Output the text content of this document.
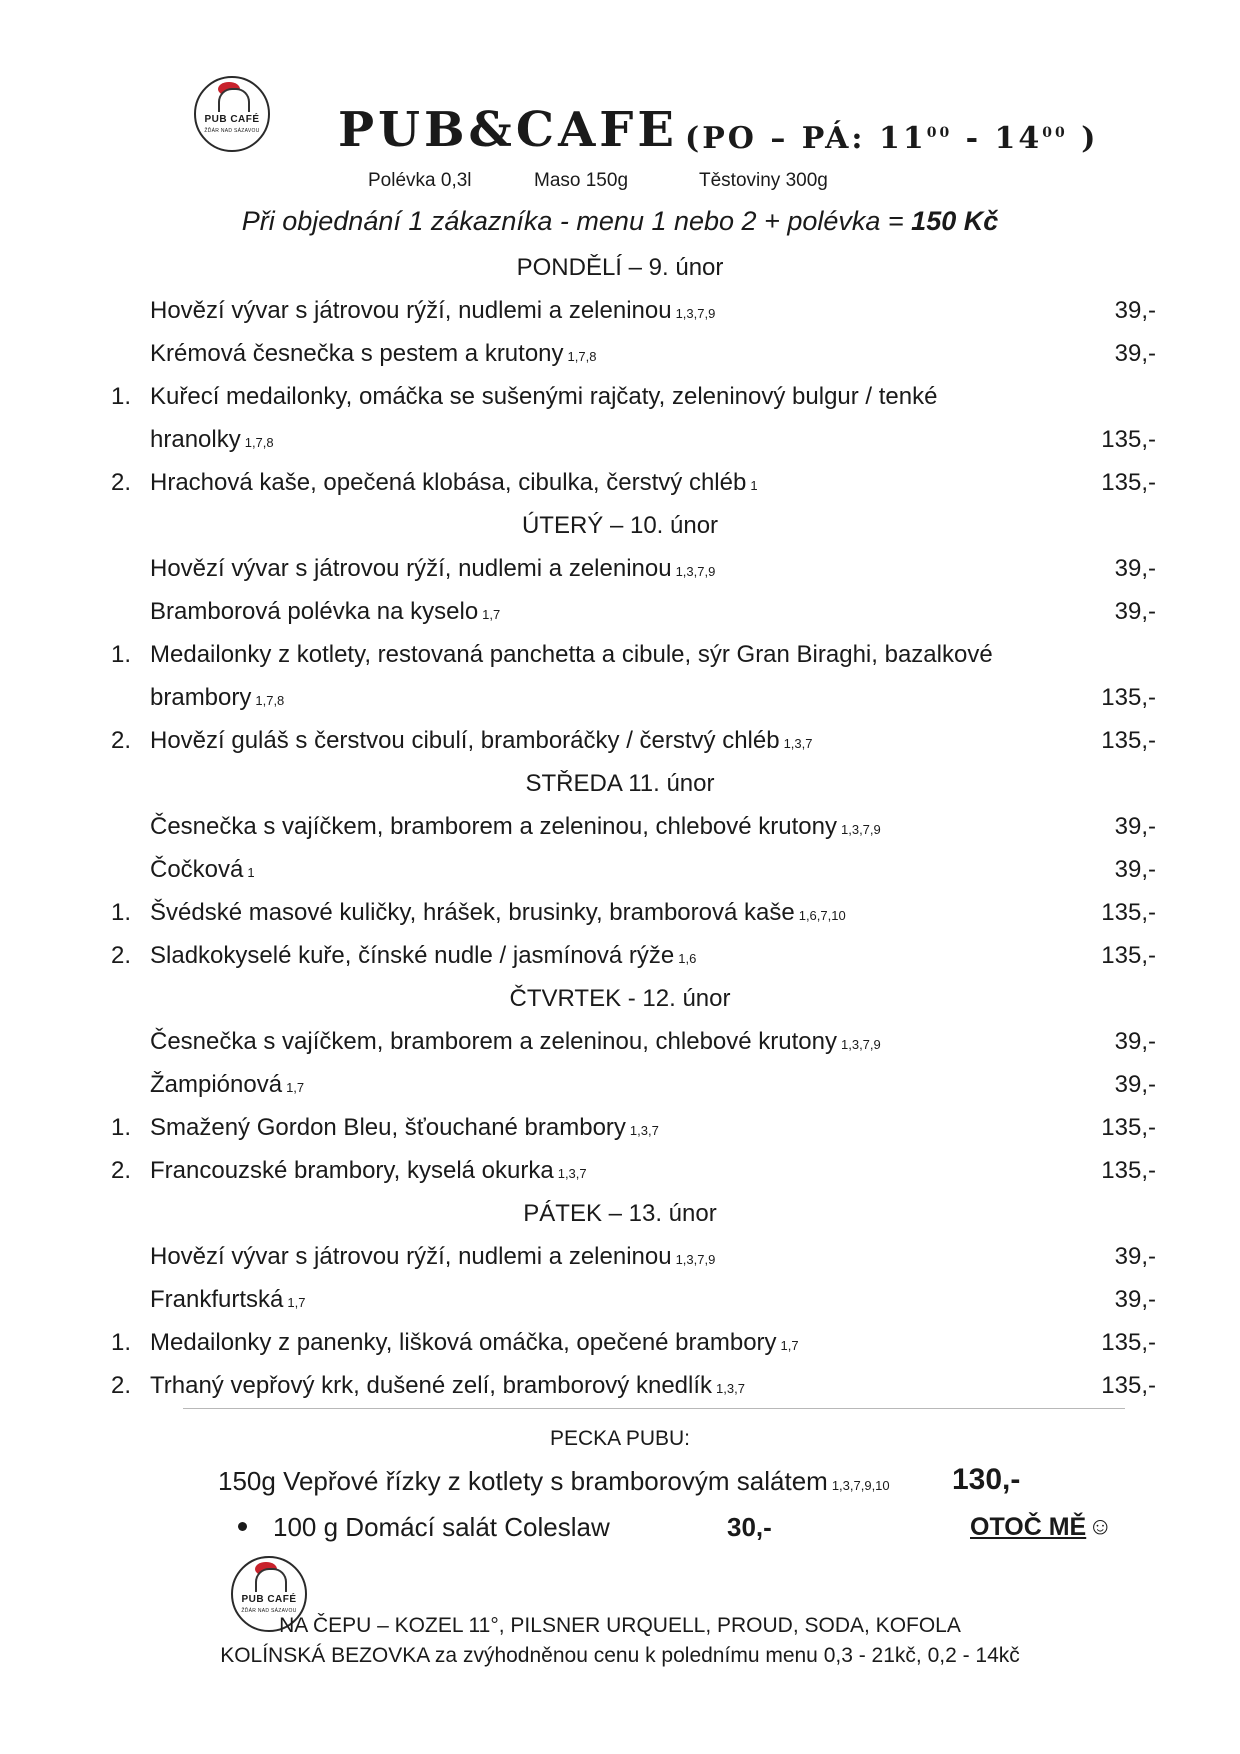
PUB CAFÉ
ŽĎÁR NAD SÁZAVOU PUB&CAFE (PO – PÁ: $11^{00} - 14^{00}$ )
Polévka 0,3l	Maso 150g	Těstoviny 300g
Při objednání 1 zákazníka - menu 1 nebo 2 + polévka = 150 Kč
PONDĚLÍ – 9. únor
Hovězí vývar s játrovou rýží, nudlemi a zeleninou 1,3,7,9	39,-
Krémová česnečka s pestem a krutony 1,7,8	39,-
1. Kuřecí medailonky, omáčka se sušenými rajčaty, zeleninový bulgur / tenké
hranolky 1,7,8	135,-
2. Hrachová kaše, opečená klobása, cibulka, čerstvý chléb 1	135,-
ÚTERÝ – 10. únor
Hovězí vývar s játrovou rýží, nudlemi a zeleninou 1,3,7,9	39,-
Bramborová polévka na kyselo 1,7	39,-
1. Medailonky z kotlety, restovaná panchetta a cibule, sýr Gran Biraghi, bazalkové
brambory 1,7,8	135,-
2. Hovězí guláš s čerstvou cibulí, bramboráčky / čerstvý chléb 1,3,7	135,-
STŘEDA 11. únor
Česnečka s vajíčkem, bramborem a zeleninou, chlebové krutony 1,3,7,9	39,-
Čočková 1	39,-
1. Švédské masové kuličky, hrášek, brusinky, bramborová kaše 1,6,7,10	135,-
2. Sladkokyselé kuře, čínské nudle / jasmínová rýže 1,6	135,-
ČTVRTEK - 12. únor
Česnečka s vajíčkem, bramborem a zeleninou, chlebové krutony 1,3,7,9	39,-
Žampiónová 1,7	39,-
1. Smažený Gordon Bleu, šťouchané brambory 1,3,7	135,-
2. Francouzské brambory, kyselá okurka 1,3,7	135,-
PÁTEK – 13. únor
Hovězí vývar s játrovou rýží, nudlemi a zeleninou 1,3,7,9	39,-
Frankfurtská 1,7	39,-
1. Medailonky z panenky, lišková omáčka, opečené brambory 1,7	135,-
2. Trhaný vepřový krk, dušené zelí, bramborový knedlík 1,3,7	135,-
PECKA PUBU:
150g Vepřové řízky z kotlety s bramborovým salátem 1,3,7,9,10 130,-
100 g Domácí salát Coleslaw	30,-	OTOČ MĚ ☺
PUB CAFÉ
ŽĎÁR NAD SÁZAVOU
NA ČEPU – KOZEL 11°, PILSNER URQUELL, PROUD, SODA, KOFOLA
KOLÍNSKÁ BEZOVKA za zvýhodněnou cenu k polednímu menu 0,3 - 21kč, 0,2 - 14kč
